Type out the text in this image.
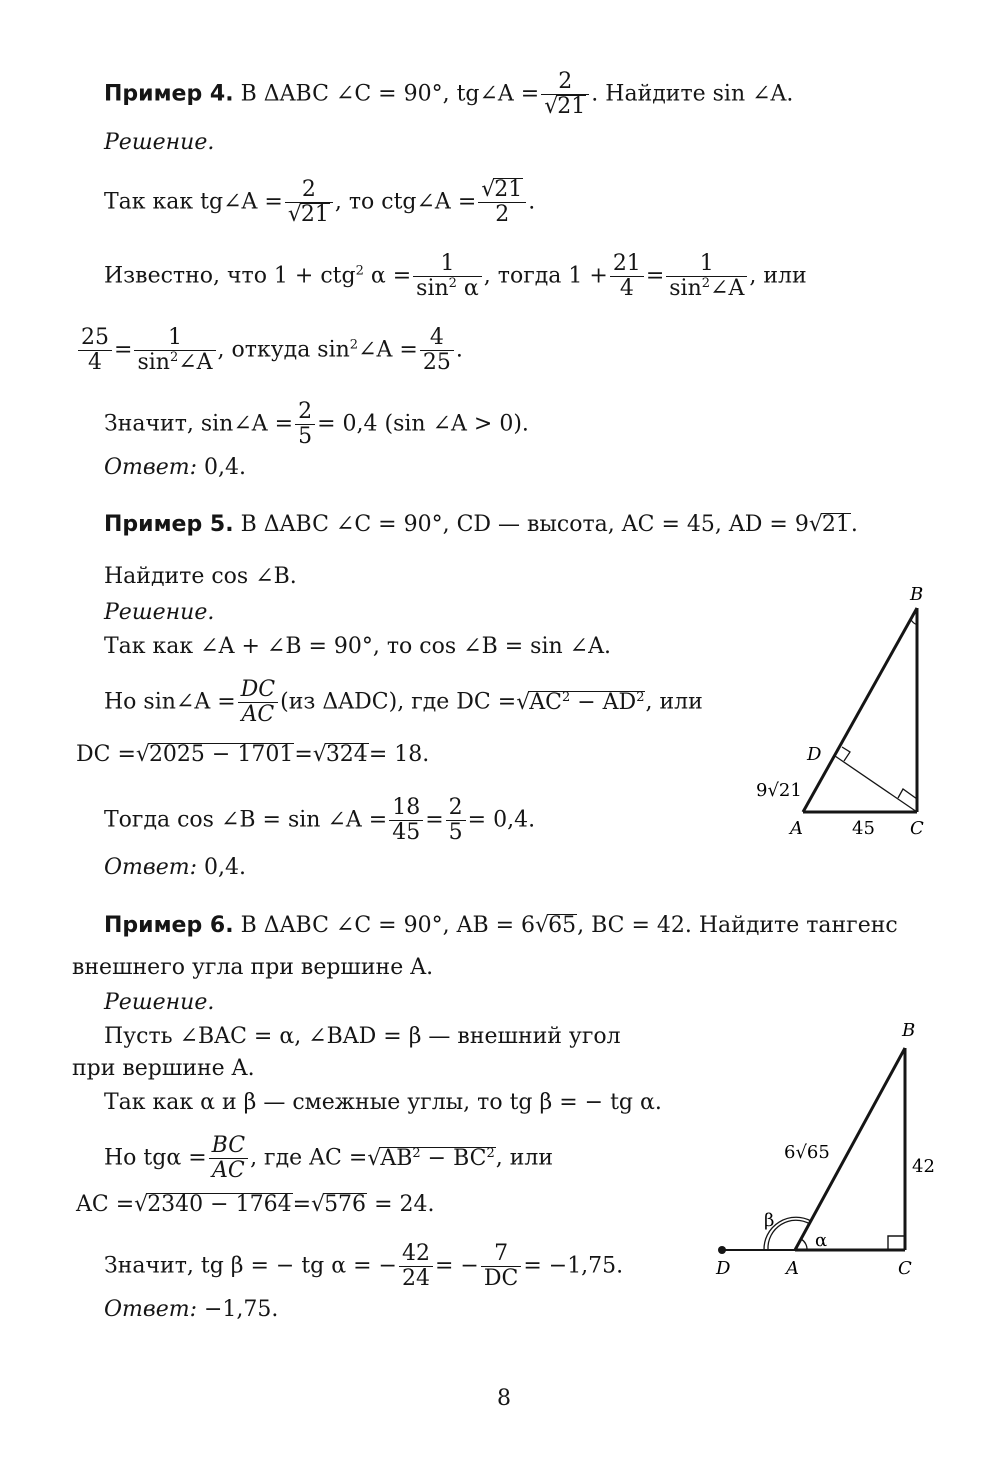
Пример 4. В ΔABC ∠C = 90°, tg∠A = $\frac{2}{√21}$ . Найдите sin ∠A.
Решение.
Так как tg∠A = $\frac{2}{√21}$ , то ctg∠A = $\frac{√21}{2}$ .
Известно, что 1 + ctg$^2$ $\alpha = \frac{1}{\sin^2 \alpha}$ , тогда $1 + \frac{21}{4} = \frac{1}{\sin^2\angle A}$ , или
$\frac{25}{4} = \frac{1}{\sin^2\angle A}$ , откуда $\sin^2\angle A = \frac{4}{25}$ .
Значит, sin∠A = $\frac{2}{5} = 0,4$ (sin ∠A > 0).
Ответ: 0,4.
Пример 5. В ΔABC ∠C = 90°, CD — высота, AC = 45, AD = 9√21.
Найдите cos ∠B.
Решение.
Так как ∠A + ∠B = 90°, то cos ∠B = sin ∠A.
Но sin∠A = $\frac{DC}{AC} (из$ ΔADC), где DC $=√AC^2 - AD^2$, или
DC =√2025 − 1701=√324= 18.
Тогда cos ∠B = sin ∠A = $\frac{18}{45} = \frac{2}{5} = 0,4$.
Ответ: 0,4.
B
D
A	C
9√21
45
Пример 6. В ΔABC ∠C = 90°, AB = 6√65, BC = 42. Найдите тангенс
внешнего угла при вершине A.
Решение.
Пусть ∠BAC = α, ∠BAD = β — внешний угол
при вершине A.
Так как α и β — смежные углы, то tg β = − tg α.
Но $tg\alpha = \frac{BC}{AC}$ , где AC $=√AB^2 - BC^2$, или
AC =√2340 − 1764=√576 = 24.
Значит, tg β = − tg α = − $\frac{42}{24}$ = − $\frac{7}{DC} = -1,75$.
Ответ: −1,75.
B
A	C
D
6√65
42
α
β
8
